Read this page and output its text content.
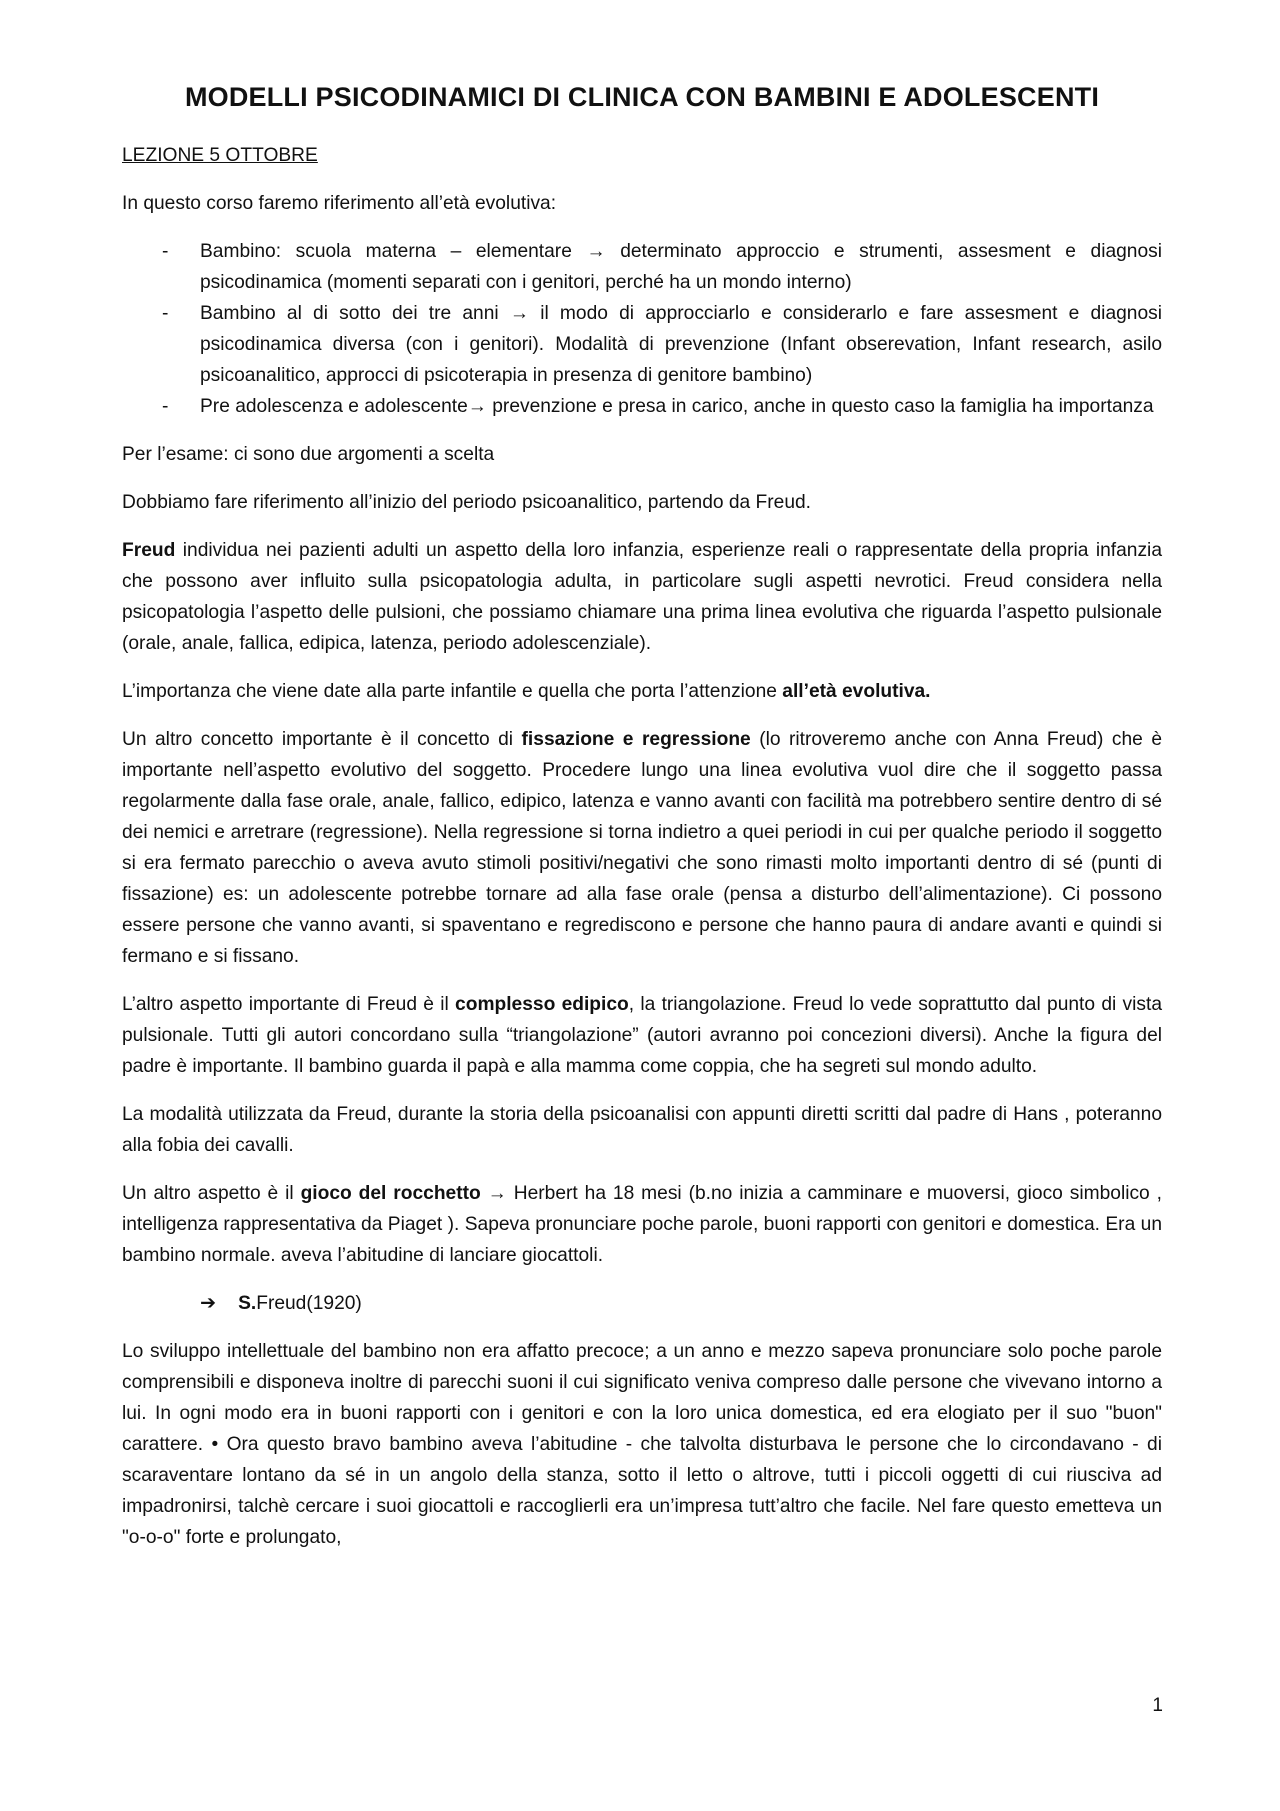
MODELLI PSICODINAMICI DI CLINICA CON BAMBINI E ADOLESCENTI

LEZIONE 5 OTTOBRE

In questo corso faremo riferimento all’età evolutiva:

- Bambino: scuola materna – elementare → determinato approccio e strumenti, assesment e diagnosi psicodinamica (momenti separati con i genitori, perché ha un mondo interno)
- Bambino al di sotto dei tre anni → il modo di approcciarlo e considerarlo e fare assesment e diagnosi psicodinamica diversa (con i genitori). Modalità di prevenzione (Infant obserevation, Infant research, asilo psicoanalitico, approcci di psicoterapia in presenza di genitore bambino)
- Pre adolescenza e adolescente→ prevenzione e presa in carico, anche in questo caso la famiglia ha importanza

Per l’esame: ci sono due argomenti a scelta

Dobbiamo fare riferimento all’inizio del periodo psicoanalitico, partendo da Freud.

Freud individua nei pazienti adulti un aspetto della loro infanzia, esperienze reali o rappresentate della propria infanzia che possono aver influito sulla psicopatologia adulta, in particolare sugli aspetti nevrotici. Freud considera nella psicopatologia l’aspetto delle pulsioni, che possiamo chiamare una prima linea evolutiva che riguarda l’aspetto pulsionale (orale, anale, fallica, edipica, latenza, periodo adolescenziale).

L’importanza che viene date alla parte infantile e quella che porta l’attenzione all’età evolutiva.

Un altro concetto importante è il concetto di fissazione e regressione (lo ritroveremo anche con Anna Freud) che è importante nell’aspetto evolutivo del soggetto. Procedere lungo una linea evolutiva vuol dire che il soggetto passa regolarmente dalla fase orale, anale, fallico, edipico, latenza e vanno avanti con facilità ma potrebbero sentire dentro di sé dei nemici e arretrare (regressione). Nella regressione si torna indietro a quei periodi in cui per qualche periodo il soggetto si era fermato parecchio o aveva avuto stimoli positivi/negativi che sono rimasti molto importanti dentro di sé (punti di fissazione) es: un adolescente potrebbe tornare ad alla fase orale (pensa a disturbo dell’alimentazione). Ci possono essere persone che vanno avanti, si spaventano e regrediscono e persone che hanno paura di andare avanti e quindi si fermano e si fissano.

L’altro aspetto importante di Freud è il complesso edipico, la triangolazione. Freud lo vede soprattutto dal punto di vista pulsionale. Tutti gli autori concordano sulla “triangolazione” (autori avranno poi concezioni diversi). Anche la figura del padre è importante. Il bambino guarda il papà e alla mamma come coppia, che ha segreti sul mondo adulto.

La modalità utilizzata da Freud, durante la storia della psicoanalisi con appunti diretti scritti dal padre di Hans , poteranno alla fobia dei cavalli.

Un altro aspetto è il gioco del rocchetto → Herbert ha 18 mesi (b.no inizia a camminare e muoversi, gioco simbolico , intelligenza rappresentativa da Piaget ). Sapeva pronunciare poche parole, buoni rapporti con genitori e domestica. Era un bambino normale. aveva l’abitudine di lanciare giocattoli.

➔ S.Freud(1920)

Lo sviluppo intellettuale del bambino non era affatto precoce; a un anno e mezzo sapeva pronunciare solo poche parole comprensibili e disponeva inoltre di parecchi suoni il cui significato veniva compreso dalle persone che vivevano intorno a lui. In ogni modo era in buoni rapporti con i genitori e con la loro unica domestica, ed era elogiato per il suo "buon" carattere. • Ora questo bravo bambino aveva l’abitudine - che talvolta disturbava le persone che lo circondavano - di scaraventare lontano da sé in un angolo della stanza, sotto il letto o altrove, tutti i piccoli oggetti di cui riusciva ad impadronirsi, talchè cercare i suoi giocattoli e raccoglierli era un’impresa tutt’altro che facile. Nel fare questo emetteva un "o-o-o" forte e prolungato,

1
